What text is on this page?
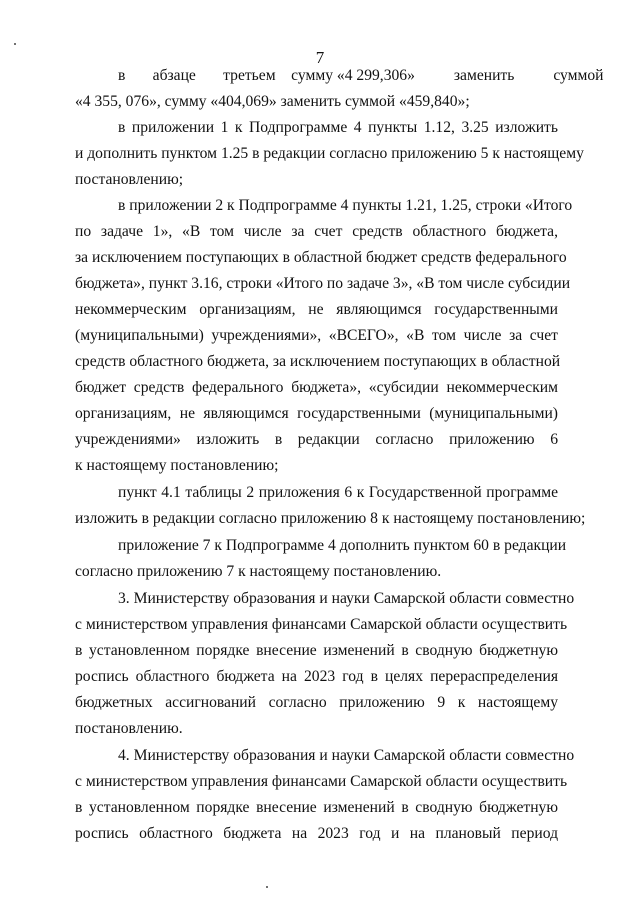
7
в       абзаце       третьем    сумму «4 299,306»          заменить          суммой
«4 355, 076», сумму «404,069» заменить суммой «459,840»;
в приложении 1 к Подпрограмме 4 пункты 1.12, 3.25 изложить
и дополнить пунктом 1.25 в редакции согласно приложению 5 к настоящему
постановлению;
в приложении 2 к Подпрограмме 4 пункты 1.21, 1.25, строки «Итого
по задаче 1», «В том числе за счет средств областного бюджета,
за исключением поступающих в областной бюджет средств федерального
бюджета», пункт 3.16, строки «Итого по задаче 3», «В том числе субсидии
некоммерческим организациям, не являющимся государственными
(муниципальными) учреждениями», «ВСЕГО», «В том числе за счет
средств областного бюджета, за исключением поступающих в областной
бюджет средств федерального бюджета», «субсидии некоммерческим
организациям, не являющимся государственными (муниципальными)
учреждениями» изложить в редакции согласно приложению 6
к настоящему постановлению;
пункт 4.1 таблицы 2 приложения 6 к Государственной программе
изложить в редакции согласно приложению 8 к настоящему постановлению;
приложение 7 к Подпрограмме 4 дополнить пунктом 60 в редакции
согласно приложению 7 к настоящему постановлению.
3. Министерству образования и науки Самарской области совместно
с министерством управления финансами Самарской области осуществить
в установленном порядке внесение изменений в сводную бюджетную
роспись областного бюджета на 2023 год в целях перераспределения
бюджетных ассигнований согласно приложению 9 к настоящему
постановлению.
4. Министерству образования и науки Самарской области совместно
с министерством управления финансами Самарской области осуществить
в установленном порядке внесение изменений в сводную бюджетную
роспись областного бюджета на 2023 год и на плановый период
